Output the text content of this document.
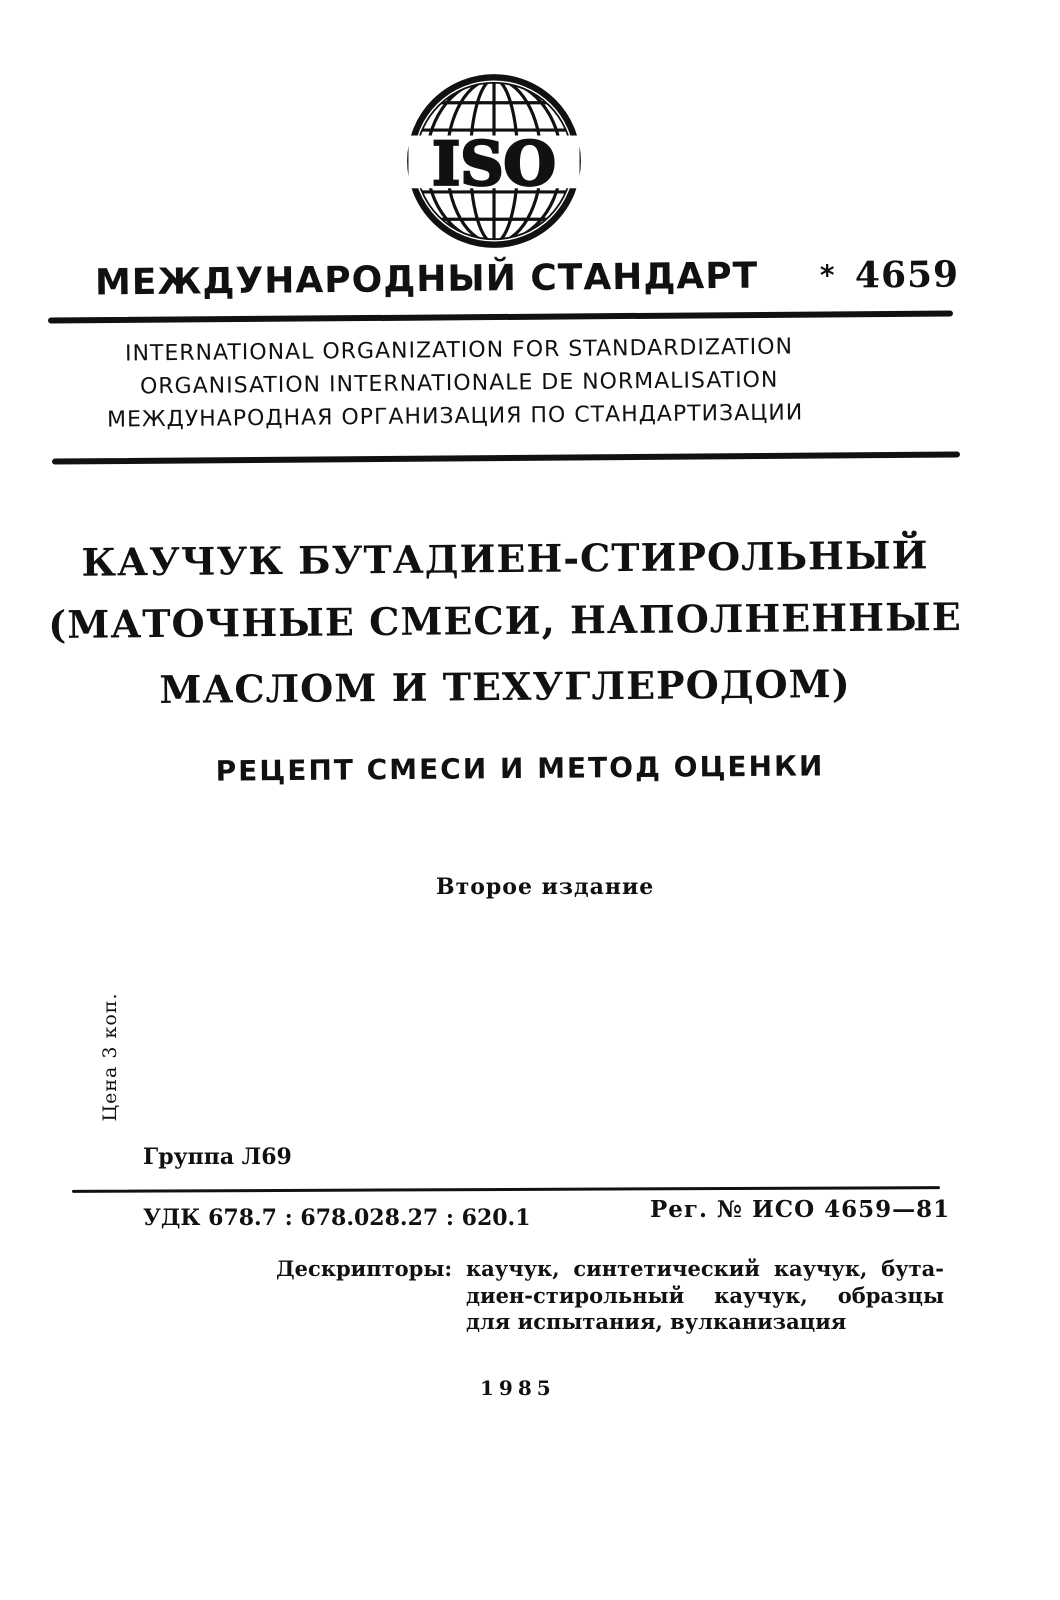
ISO
МЕЖДУНАРОДНЫЙ СТАНДАРТ * 4659
INTERNATIONAL ORGANIZATION FOR STANDARDIZATION
ORGANISATION INTERNATIONALE DE NORMALISATION
МЕЖДУНАРОДНАЯ ОРГАНИЗАЦИЯ ПО СТАНДАРТИЗАЦИИ
КАУЧУК БУТАДИЕН-СТИРОЛЬНЫЙ
(МАТОЧНЫЕ СМЕСИ, НАПОЛНЕННЫЕ
МАСЛОМ И ТЕХУГЛЕРОДОМ)
РЕЦЕПТ СМЕСИ И МЕТОД ОЦЕНКИ
Второе издание
Цена 3 коп.
Группа Л69
УДК 678.7 : 678.028.27 : 620.1	Рег. № ИСО 4659—81
Дескрипторы: каучук, синтетический каучук, бута-
диен-стирольный каучук, образцы
для испытания, вулканизация
1985
